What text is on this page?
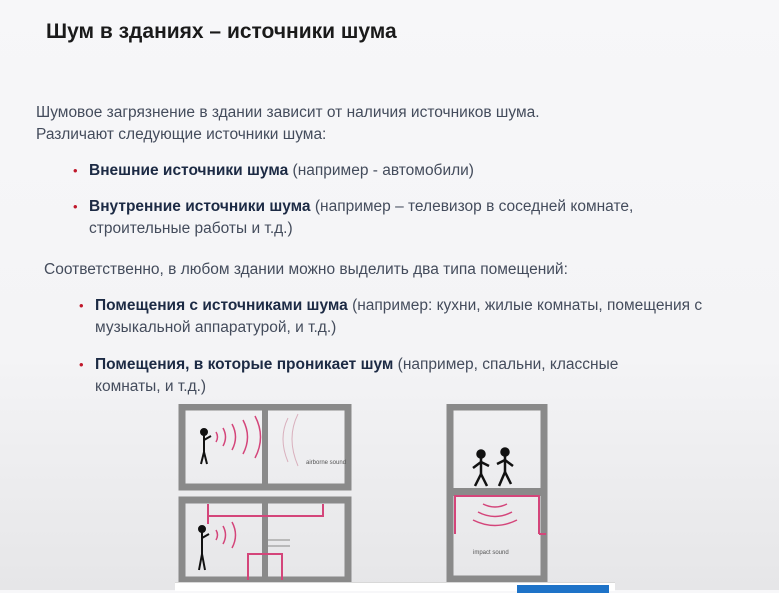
Шум в зданиях – источники шума
Шумовое загрязнение в здании зависит от наличия источников шума.
Различают следующие источники шума:
• Внешние источники шума (например - автомобили)
• Внутренние источники шума (например – телевизор в соседней комнате, строительные работы и т.д.)
Соответственно, в любом здании можно выделить два типа помещений:
• Помещения с источниками шума (например: кухни, жилые комнаты, помещения с музыкальной аппаратурой, и т.д.)
• Помещения, в которые проникает шум (например, спальни, классные комнаты, и т.д.)
airborne sound
impact sound
